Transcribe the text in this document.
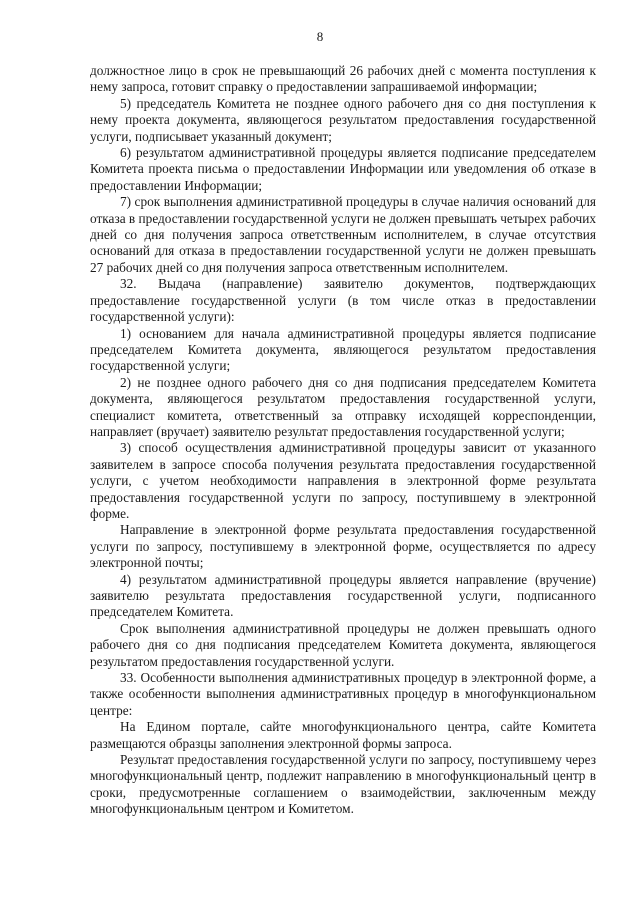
8

должностное лицо в срок не превышающий 26 рабочих дней с момента поступления к нему запроса, готовит справку о предоставлении запрашиваемой информации;

5) председатель Комитета не позднее одного рабочего дня со дня поступления к нему проекта документа, являющегося результатом предоставления государственной услуги, подписывает указанный документ;

6) результатом административной процедуры является подписание председателем Комитета проекта письма о предоставлении Информации или уведомления об отказе в предоставлении Информации;

7) срок выполнения административной процедуры в случае наличия оснований для отказа в предоставлении государственной услуги не должен превышать четырех рабочих дней со дня получения запроса ответственным исполнителем, в случае отсутствия оснований для отказа в предоставлении государственной услуги не должен превышать 27 рабочих дней со дня получения запроса ответственным исполнителем.

32. Выдача (направление) заявителю документов, подтверждающих предоставление государственной услуги (в том числе отказ в предоставлении государственной услуги):

1) основанием для начала административной процедуры является подписание председателем Комитета документа, являющегося результатом предоставления государственной услуги;

2) не позднее одного рабочего дня со дня подписания председателем Комитета документа, являющегося результатом предоставления государственной услуги, специалист комитета, ответственный за отправку исходящей корреспонденции, направляет (вручает) заявителю результат предоставления государственной услуги;

3) способ осуществления административной процедуры зависит от указанного заявителем в запросе способа получения результата предоставления государственной услуги, с учетом необходимости направления в электронной форме результата предоставления государственной услуги по запросу, поступившему в электронной форме.

Направление в электронной форме результата предоставления государственной услуги по запросу, поступившему в электронной форме, осуществляется по адресу электронной почты;

4) результатом административной процедуры является направление (вручение) заявителю результата предоставления государственной услуги, подписанного председателем Комитета.

Срок выполнения административной процедуры не должен превышать одного рабочего дня со дня подписания председателем Комитета документа, являющегося результатом предоставления государственной услуги.

33. Особенности выполнения административных процедур в электронной форме, а также особенности выполнения административных процедур в многофункциональном центре:

На Едином портале, сайте многофункционального центра, сайте Комитета размещаются образцы заполнения электронной формы запроса.

Результат предоставления государственной услуги по запросу, поступившему через многофункциональный центр, подлежит направлению в многофункциональный центр в сроки, предусмотренные соглашением о взаимодействии, заключенным между многофункциональным центром и Комитетом.
